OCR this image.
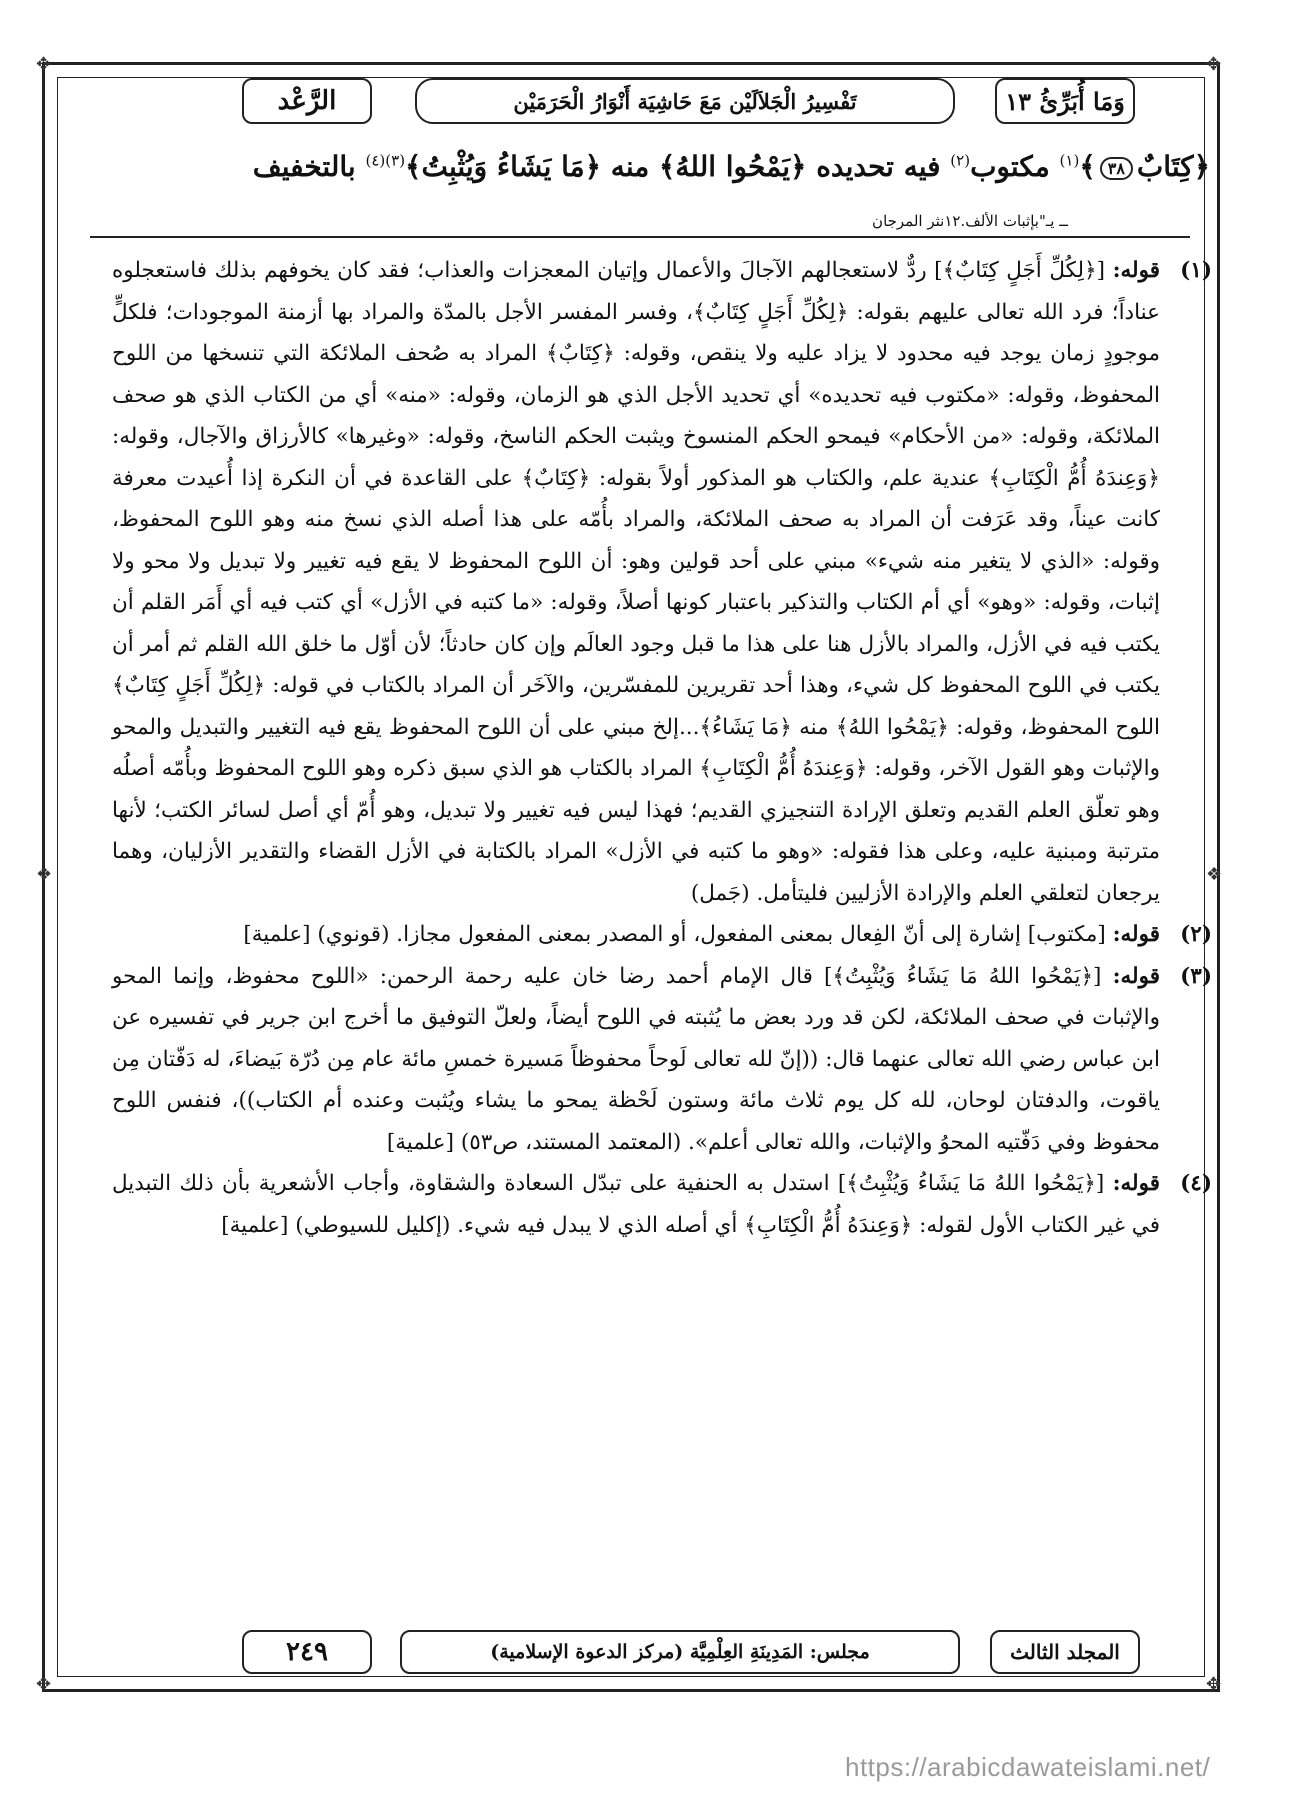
✥	✥
✥	✥
❖	❖
الرَّعْد	تَفْسِيرُ الْجَلاَلَيْن مَعَ حَاشِيَة أَنْوَارُ الْحَرَمَيْن	وَمَا أُبَرِّئُ ١٣
﴿كِتَابٌ٣٨﴾$^{(١)}$ مكتوب$^{(٢)}$ فيه تحديده ﴿يَمْحُوا اللهُ﴾ منه ﴿مَا يَشَاءُ وَيُثْبِتُ﴾$^{(٣)(٤)}$ بالتخفيف
ــ يـ"بإثبات الألف.١٢نثر المرجان

(١)
قوله: [﴿لِكُلِّ أَجَلٍ كِتَابٌ﴾] ردٌّ لاستعجالهم الآجالَ والأعمال وإتيان المعجزات والعذاب؛ فقد كان يخوفهم بذلك فاستعجلوه عناداً؛ فرد الله تعالى عليهم بقوله: ﴿لِكُلِّ أَجَلٍ كِتَابٌ﴾، وفسر المفسر الأجل بالمدّة والمراد بها أزمنة الموجودات؛ فلكلٍّ موجودٍ زمان يوجد فيه محدود لا يزاد عليه ولا ينقص، وقوله: ﴿كِتَابٌ﴾ المراد به صُحف الملائكة التي تنسخها من اللوح المحفوظ، وقوله: «مكتوب فيه تحديده» أي تحديد الأجل الذي هو الزمان، وقوله: «منه» أي من الكتاب الذي هو صحف الملائكة، وقوله: «من الأحكام» فيمحو الحكم المنسوخ ويثبت الحكم الناسخ، وقوله: «وغيرها» كالأرزاق والآجال، وقوله: ﴿وَعِندَهُ أُمُّ الْكِتَابِ﴾ عندية علم، والكتاب هو المذكور أولاً بقوله: ﴿كِتَابٌ﴾ على القاعدة في أن النكرة إذا أُعيدت معرفة كانت عيناً، وقد عَرَفت أن المراد به صحف الملائكة، والمراد بأُمّه على هذا أصله الذي نسخ منه وهو اللوح المحفوظ، وقوله: «الذي لا يتغير منه شيء» مبني على أحد قولين وهو: أن اللوح المحفوظ لا يقع فيه تغيير ولا تبديل ولا محو ولا إثبات، وقوله: «وهو» أي أم الكتاب والتذكير باعتبار كونها أصلاً، وقوله: «ما كتبه في الأزل» أي كتب فيه أي أَمَر القلم أن يكتب فيه في الأزل، والمراد بالأزل هنا على هذا ما قبل وجود العالَم وإن كان حادثاً؛ لأن أوّل ما خلق الله القلم ثم أمر أن يكتب في اللوح المحفوظ كل شيء، وهذا أحد تقريرين للمفسّرين، والآخَر أن المراد بالكتاب في قوله: ﴿لِكُلِّ أَجَلٍ كِتَابٌ﴾ اللوح المحفوظ، وقوله: ﴿يَمْحُوا اللهُ﴾ منه ﴿مَا يَشَاءُ﴾...إلخ مبني على أن اللوح المحفوظ يقع فيه التغيير والتبديل والمحو والإثبات وهو القول الآخر، وقوله: ﴿وَعِندَهُ أُمُّ الْكِتَابِ﴾ المراد بالكتاب هو الذي سبق ذكره وهو اللوح المحفوظ وبأُمّه أصلُه وهو تعلّق العلم القديم وتعلق الإرادة التنجيزي القديم؛ فهذا ليس فيه تغيير ولا تبديل، وهو أُمّ أي أصل لسائر الكتب؛ لأنها مترتبة ومبنية عليه، وعلى هذا فقوله: «وهو ما كتبه في الأزل» المراد بالكتابة في الأزل القضاء والتقدير الأزليان، وهما يرجعان لتعلقي العلم والإرادة الأزليين فليتأمل. (جَمل)

(٢)
قوله: [مكتوب] إشارة إلى أنّ الفِعال بمعنى المفعول، أو المصدر بمعنى المفعول مجازا. (قونوي) [علمية]

(٣)
قوله: [﴿يَمْحُوا اللهُ مَا يَشَاءُ وَيُثْبِتُ﴾] قال الإمام أحمد رضا خان عليه رحمة الرحمن: «اللوح محفوظ، وإنما المحو والإثبات في صحف الملائكة، لكن قد ورد بعض ما يُثبته في اللوح أيضاً، ولعلّ التوفيق ما أخرج ابن جرير في تفسيره عن ابن عباس رضي الله تعالى عنهما قال: ((إنّ لله تعالى لَوحاً محفوظاً مَسيرة خمسِ مائة عام مِن دُرّة بَيضاءَ، له دَفّتان مِن ياقوت، والدفتان لوحان، لله كل يوم ثلاث مائة وستون لَحْظة يمحو ما يشاء ويُثبت وعنده أم الكتاب))، فنفس اللوح محفوظ وفي دَفّتيه المحوُ والإثبات، والله تعالى أعلم». (المعتمد المستند، ص٥٣) [علمية]

(٤)
قوله: [﴿يَمْحُوا اللهُ مَا يَشَاءُ وَيُثْبِتُ﴾] استدل به الحنفية على تبدّل السعادة والشقاوة، وأجاب الأشعرية بأن ذلك التبديل في غير الكتاب الأول لقوله: ﴿وَعِندَهُ أُمُّ الْكِتَابِ﴾ أي أصله الذي لا يبدل فيه شيء. (إكليل للسيوطي) [علمية]

٢٤٩	مجلس: المَدِينَةِ العِلْمِيَّة (مركز الدعوة الإسلامية)	المجلد الثالث
https://arabicdawateislami.net/
